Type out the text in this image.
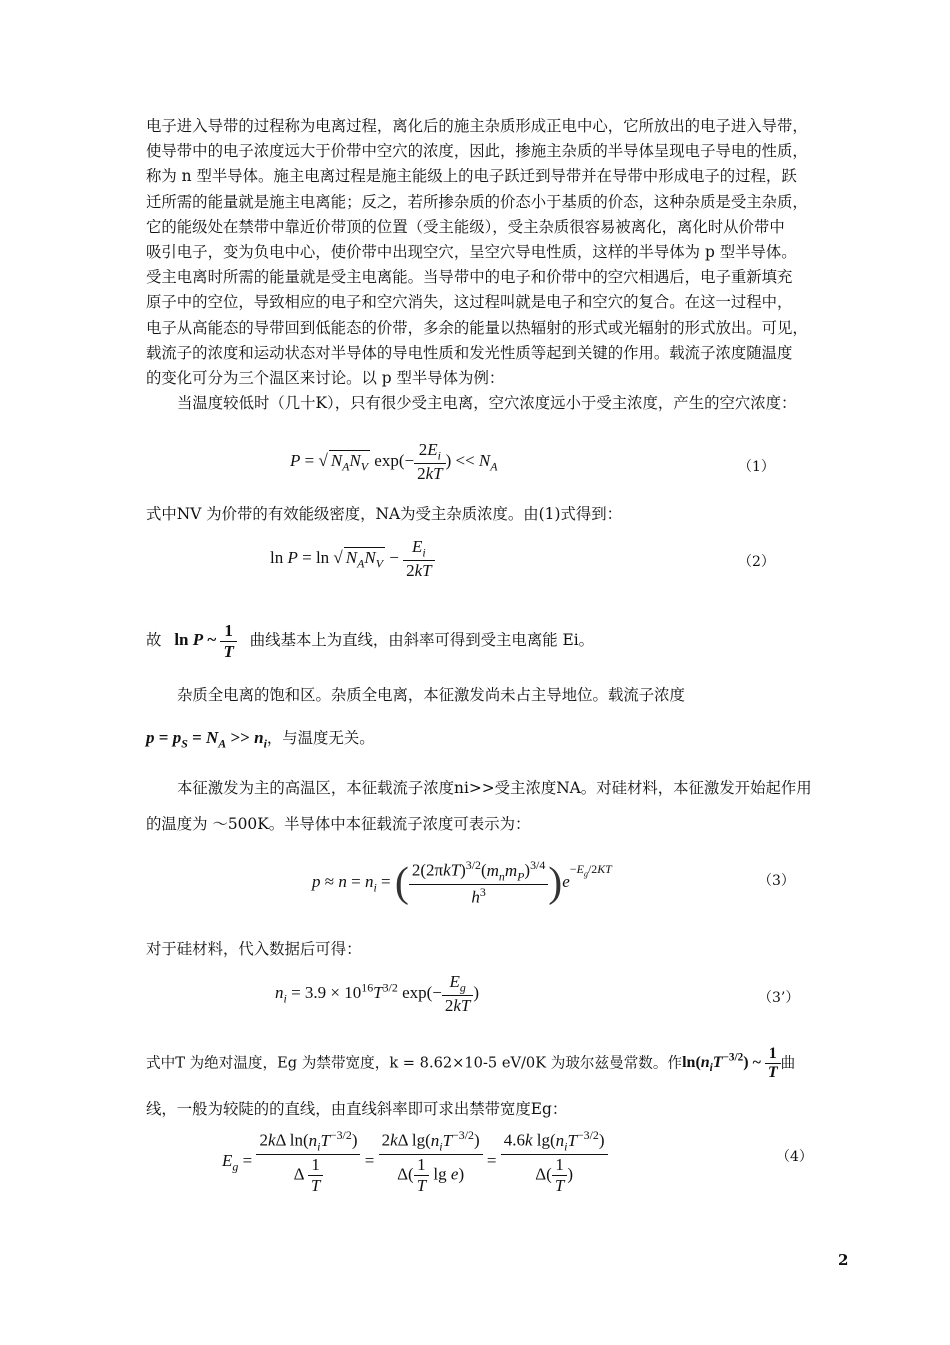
电子进入导带的过程称为电离过程，离化后的施主杂质形成正电中心，它所放出的电子进入导带，
使导带中的电子浓度远大于价带中空穴的浓度，因此，掺施主杂质的半导体呈现电子导电的性质，
称为 n 型半导体。施主电离过程是施主能级上的电子跃迁到导带并在导带中形成电子的过程，跃
迁所需的能量就是施主电离能；反之，若所掺杂质的价态小于基质的价态，这种杂质是受主杂质，
它的能级处在禁带中靠近价带顶的位置（受主能级），受主杂质很容易被离化，离化时从价带中
吸引电子，变为负电中心，使价带中出现空穴，呈空穴导电性质，这样的半导体为 p 型半导体。
受主电离时所需的能量就是受主电离能。当导带中的电子和价带中的空穴相遇后，电子重新填充
原子中的空位，导致相应的电子和空穴消失，这过程叫就是电子和空穴的复合。在这一过程中，
电子从高能态的导带回到低能态的价带，多余的能量以热辐射的形式或光辐射的形式放出。可见，
载流子的浓度和运动状态对半导体的导电性质和发光性质等起到关键的作用。载流子浓度随温度
的变化可分为三个温区来讨论。以 p 型半导体为例：
当温度较低时（几十K），只有很少受主电离，空穴浓度远小于受主浓度，产生的空穴浓度：
P = √ $N_AN_V$ $\exp(- \frac{2E_i}{2kT}$ ) << $N_A$	（1）
式中NV 为价带的有效能级密度，NA为受主杂质浓度。由(1)式得到：
ln P = ln √ $N_AN_V - \frac{E_i}{2kT}$	（2）
故 ln P ~ $\frac{1}{T}$ 曲线基本上为直线，由斜率可得到受主电离能 Ei。
杂质全电离的饱和区。杂质全电离，本征激发尚未占主导地位。载流子浓度
$p = p_S = N_A >> n_i$，与温度无关。
本征激发为主的高温区，本征载流子浓度ni>>受主浓度NA。对硅材料，本征激发开始起作用
的温度为 ～500K。半导体中本征载流子浓度可表示为：
$p \approx n = n_i$ = ( $\frac{2(2\pi kT)^{3/2}(m_nm_P)^{3/4}}{h^3} )e^{-E_g/2KT}$
（3）
对于硅材料，代入数据后可得：
$n_i = 3.9 \times 10^{16}T^{3/2}$ $\exp(- \frac{E_g}{2kT}$ )	（3’）
式中T 为绝对温度，Eg 为禁带宽度，k = 8.62×10-5 eV/0K 为玻尔兹曼常数。作$\ln(n_iT^{-3/2})$ ~ $\frac{1}{T}$ 曲
线，一般为较陡的的直线，由直线斜率即可求出禁带宽度Eg：
$E_g = \frac{2k\Delta \ln(n_iT^{-3/2})}{\Delta \frac{1}{T}} = \frac{2k\Delta \lg(n_iT^{-3/2})}{\Delta( \frac{1}{T} \lg e)} = \frac{4.6k \lg(n_iT^{-3/2})}{\Delta( \frac{1}{T} )}$	（4）
2
